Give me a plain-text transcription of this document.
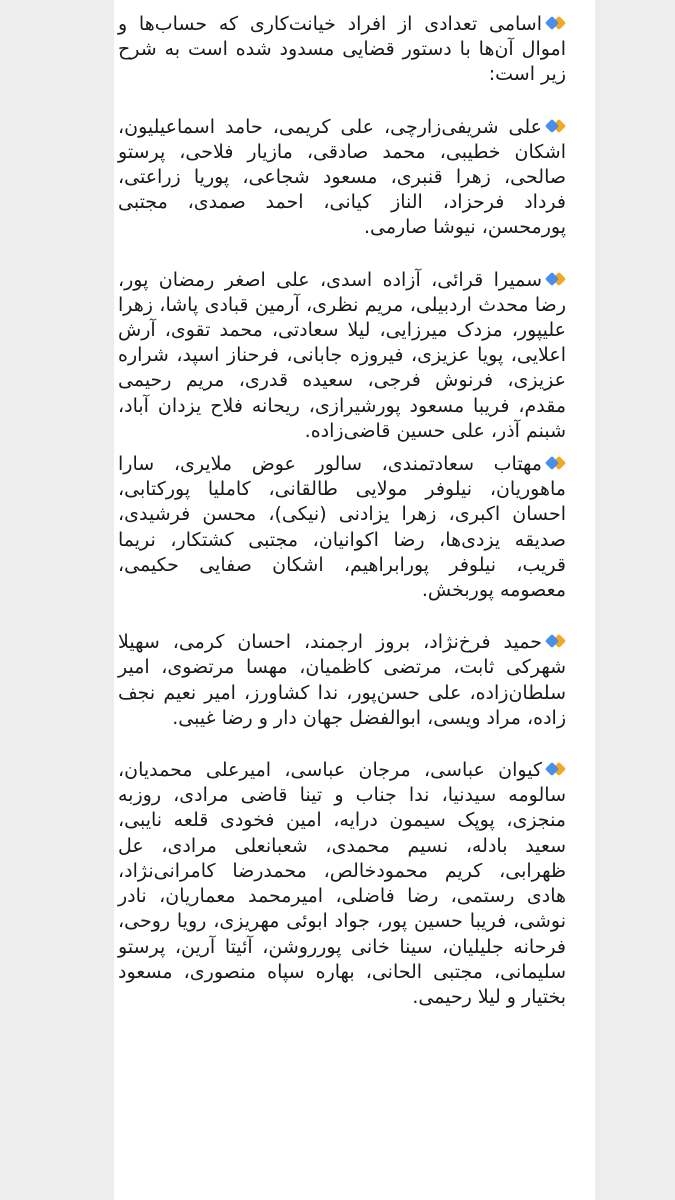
اسامی تعدادی از افراد خیانت‌کاری که حساب‌ها و اموال آن‌ها با دستور قضایی مسدود شده است به شرح زیر است:

علی شریفی‌زارچی، علی کریمی، حامد اسماعیلیون، اشکان خطیبی، محمد صادقی، مازیار فلاحی، پرستو صالحی، زهرا قنبری، مسعود شجاعی، پوریا زراعتی، فرداد فرحزاد، الناز کیانی، احمد صمدی، مجتبی پورمحسن، نیوشا صارمی.

سمیرا قرائی، آزاده اسدی، علی اصغر رمضان پور، رضا محدث اردبیلی، مریم نظری، آرمین قبادی پاشا، زهرا علیپور، مزدک میرزایی، لیلا سعادتی، محمد تقوی، آرش اعلایی، پویا عزیزی، فیروزه جابانی، فرحناز اسپد، شراره عزیزی، فرنوش فرجی، سعیده قدری، مریم رحیمی مقدم، فریبا مسعود پورشیرازی، ریحانه فلاح یزدان آباد، شبنم آذر، علی حسین قاضی‌زاده.

مهتاب سعادتمندی، سالور عوض ملایری، سارا ماهوریان، نیلوفر مولایی طالقانی، کاملیا پورکتابی، احسان اکبری، زهرا یزادنی (نیکی)، محسن فرشیدی، صدیقه یزدی‌ها، رضا اکوانیان، مجتبی کشتکار، نریما قریب، نیلوفر پورابراهیم، اشکان صفایی حکیمی، معصومه پوربخش.

حمید فرخ‌نژاد، بروز ارجمند، احسان کرمی، سهیلا شهرکی ثابت، مرتضی کاظمیان، مهسا مرتضوی، امیر سلطان‌زاده، علی حسن‌پور، ندا کشاورز، امیر نعیم نجف زاده، مراد ویسی، ابوالفضل جهان دار و رضا غیبی.

کیوان عباسی، مرجان عباسی، امیرعلی محمدیان، سالومه سیدنیا، ندا جناب و تینا قاضی مرادی، روزبه منجزی، پوپک سیمون درایه، امین فخودی قلعه نایبی، سعید بادله، نسیم محمدی، شعبانعلی مرادی، عل ظهرابی، کریم محمودخالص، محمدرضا کامرانی‌نژاد، هادی رستمی، رضا فاضلی، امیرمحمد معماریان، نادر نوشی، فریبا حسین پور، جواد ابوئی مهریزی، رویا روحی، فرحانه جلیلیان، سینا خانی پورروشن، آئیتا آرین، پرستو سلیمانی، مجتبی الحانی، بهاره سپاه منصوری، مسعود بختیار و لیلا رحیمی.
